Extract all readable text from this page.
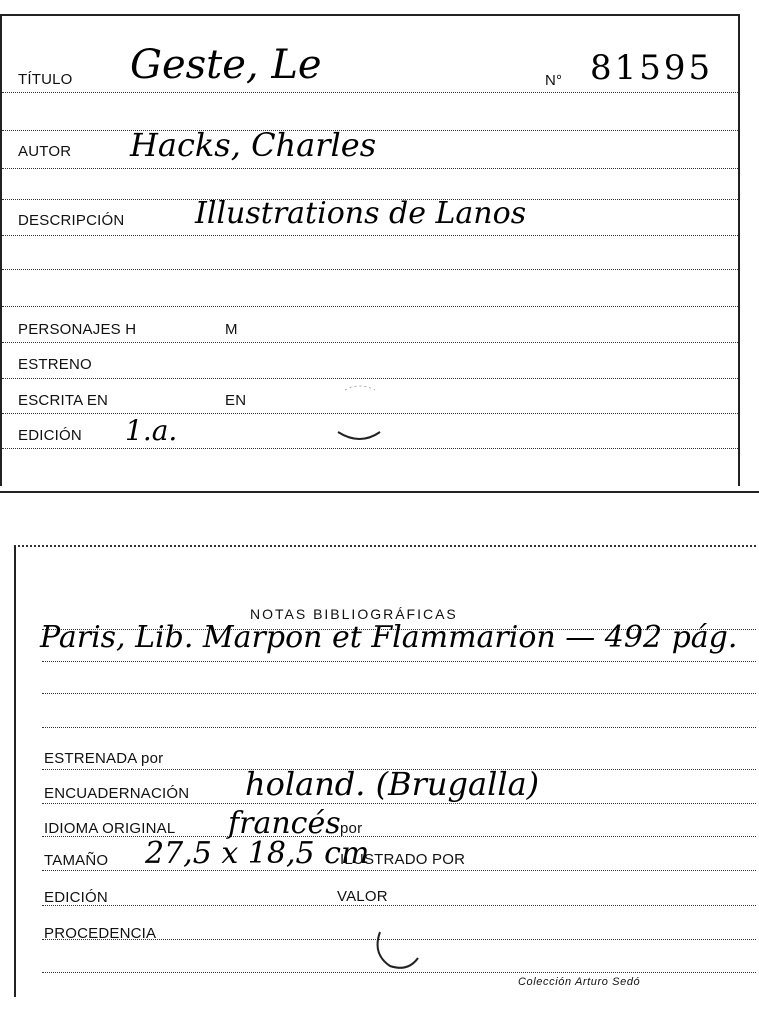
TÍTULO Geste, Le	N° 81595
AUTOR Hacks, Charles
DESCRIPCIÓN Illustrations de Lanos
PERSONAJES H	M
ESTRENO
ESCRITA EN	EN
EDICIÓN 1.a.
NOTAS BIBLIOGRÁFICAS
Paris, Lib. Marpon et Flammarion — 492 pág.
ESTRENADA por
ENCUADERNACIÓN holand. (Brugalla)
IDIOMA ORIGINAL francés por
TAMAÑO 27,5 x 18,5 cm
ILUSTRADO POR
EDICIÓN	VALOR
PROCEDENCIA
Colección Arturo Sedó
